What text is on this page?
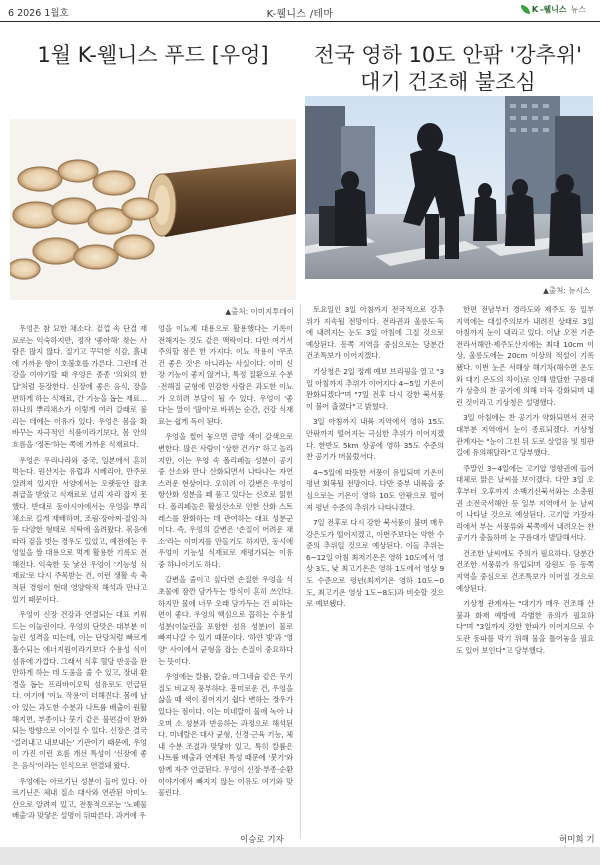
6 2026 1월호	K-웰니스 /테마	K -웰니스 뉴스
1월 K-웰니스 푸드 [우엉]
▲출처: 이미지투데이

우엉은 참 묘한 채소다. 겉껍 속 단결 재료로는 익숙하지만, 정작 '좋아해' 찾는 사람은 많지 않다. 질기고 꾸덕한 식감, 흙내에 가까운 향이 호불호를 가른다. 그런데 건강을 이야기할 때 우엉은 종종 '의외의 한답'처럼 등장한다. 신장에 좋은 음식, 장을 편하게 하는 식재료, 간 기능을 돕는 재료… 하나의 뿌리채소가 이렇게 여러 갈래로 불리는 데에는 이유가 있다. 우엉은 몸을 확 바꾸는 자극적인 식품이라기보다, 몸 안의 흐름을 '정돈'하는 쪽에 가까운 식재료다.

우엉은 우리나라와 중국, 일본에서 흔히 먹는다. 원산지는 유럽과 시베리아, 만주로 알려져 있지만 서양에서는 오랫동안 잡초 취급을 받았고 식재료로 널리 자리 잡지 못했다. 반대로 동아시아에서는 우엉을 뿌리채소로 길게 재배하며, 조림·장아찌·절임·차 등 다양한 형태로 식탁에 올려왔다. 볶음에 따라 겉을 벗는 경우도 있었고, 예전에는 우엉잎을 쌈 대용으로 먹게 활용한 기록도 전해진다. 익숙한 듯 낯선 우엉이 '기능성 식재료'로 다시 주목받는 건, 이런 생활 속 축적된 경험이 현대 영양학적 해석과 만나고 있기 때문이다.

우엉이 신장 건강과 연결되는 대표 키워드는 이눌린이다. 우엉의 단맛은 대부분 이눌린 성격을 띠는데, 이는 단당처럼 빠르게 흡수되는 에너지원이라기보다 수용성 식이섬유에 가깝다. 그래서 식후 혈당 반응을 완만하게 하는 데 도움을 줄 수 있고, 장내 환경을 돕는 프리바이오틱 섬유로도 언급된다. 여기에 '이뇨 작용'이 더해진다. 몸에 남아 있는 과도한 수분과 나트륨 배출이 원활해지면, 부종이나 붓기 같은 불편감이 완화되는 방향으로 이어질 수 있다. 신장은 결국 '걸러내고 내보내는' 기관이기 때문에, 우엉이 가진 이런 흐름 개선 특성이 '신장에 좋은 음식'이라는 인식으로 연결돼 왔다.

우엉에는 아르기닌 성분이 들어 있다. 아르기닌은 체내 질소 대사와 연관된 아미노산으로 알려져 있고, 전통적으로는 '노폐물 배출'과 맞닿은 설명이 뒤따른다. 과거에 우

엉을 이뇨제 대용으로 활용했다는 기록이 전해지는 것도 같은 맥락이다. 다만 여기서 주의할 점은 한 가지다. 이뇨 작용이 '무조건 좋은 것'은 아니라는 사실이다. 이미 신장 기능이 좋지 않거나, 특정 질환으로 수분·전해질 균형에 민감한 사람은 과도한 이뇨가 오히려 부담이 될 수 있다. 우엉이 '좋다'는 말이 '많이'로 바뀌는 순간, 건강 식재료는 쉽게 독이 된다.

우엉을 썰어 놓으면 금방 색이 갈색으로 변한다. 많은 사람이 '상한 건가?' 하고 놀라지만, 이는 우엉 속 폴리페놀 성분이 공기 중 산소와 만나 산화되면서 나타나는 자연스러운 현상이다. 오히려 이 갈변은 우엉이 항산화 성분을 꽤 품고 있다는 신호로 읽힌다. 폴리페놀은 활성산소로 인한 산화 스트레스를 완화하는 데 관여하는 대표 성분군이다. 즉, 우엉의 갈변은 '손질이 어려운 채소'라는 이미지를 만들기도 하지만, 동시에 우엉이 기능성 식재료로 재평가되는 이유 중 하나이기도 하다.

갈변을 줄이고 싶다면 손질한 우엉을 식초물에 잠깐 담가두는 방식이 흔히 쓰인다. 하지만 물에 너무 오래 담가두는 건 피하는 편이 좋다. 우엉의 핵심으로 꼽히는 수용성 성분(이눌린을 포함한 섬유 성분)이 물로 빠져나갈 수 있기 때문이다. '하얀 빛'과 '영양' 사이에서 균형을 잡는 손질이 중요하다는 뜻이다.

우엉에는 칼륨, 칼슘, 마그네슘 같은 무기질도 비교적 풍부하다. 흥미로운 건, 우엉을 삶을 때 색이 짙어지기 쉽다 변하는 경우가 있다는 점이다. 이는 미네랄이 물에 녹아 나오며 소 성분과 반응하는 과정으로 해석된다. 미네랄은 대사 균형, 신경·근육 기능, 체내 수분 조절과 맞닿아 있고, 특히 칼륨은 나트륨 배출과 연계된 특성 때문에 '붓기'와 함께 자주 언급된다. 우엉이 신장·부종·순환 이야기에서 빠지지 않는 이유도 여기와 맞물린다.

전국 영하 10도 안팎 '강추위' 대기 건조해 불조심
▲출처: 뉴시스

토요일인 3일 아침까지 전국적으로 강추위가 지속될 전망이다. 전라권과 울릉도·독에 내려지는 눈도 3일 아침에 그칠 것으로 예상된다. 동쪽 지역을 중심으로는 당분간 건조특보가 이어지겠다.

기상청은 2일 정례 예보 브리핑을 열고 "3일 아침까지 추위가 이어지다 4~5일 기온이 완화되겠다"며 "7일 전후 다시 강한 북서풍이 불어 춥겠다"고 밝혔다.

3일 아침까지 내륙 지역에서 영하 15도 안팎까지 떨어지는 극심한 추위가 이어지겠다. 한반도 5km 상공에 영하 35도 수준의 찬 공기가 머물렀서다.

4~5일에 따뜻한 서풍이 유입되며 기온이 평년 회복될 전망이다. 다만 중부 내륙을 중심으로는 기온이 영하 10도 안팎으로 떨어져 평년 수준의 추위가 나타나겠다.

7일 전후로 다시 강한 북서풍이 불며 매우 강은도가 떨어지겠고, 이번주보다는 약한 수준의 추위일 것으로 예상된다. 이들 추위는 6~12일 아침 최저기온은 영하 10도에서 영상 3도, 낮 최고기온은 영하 1도에서 영상 9도 수준으로 평년(최저기온 영하 10도~0도, 최고기온 영상 1도~8도)과 비슷할 것으로 예보됐다.

한편 전남부터 경라도와 제주도 등 일부 지역에는 대설주의보가 내려진 상태로 3일 아침까지 눈이 내리고 있다. 이날 오전 기준 전라서해안·제주도산지에는 최대 10cm 이상, 울릉도에는 20cm 이상의 적설이 기록됐다. 이번 눈은 서해상 해기차(해수면 온도와 대기 온도의 차이)로 인해 발달한 구름대가 상층의 찬 공기에 의해 더욱 강화되며 내린 것이라고 기상청은 설명했다.

3일 아침에는 찬 공기가 약화되면서 전국 대부분 지역에서 눈이 종료되겠다. 기상청 관계자는 "눈이 그친 뒤 도로 살얼음 및 빙판길에 유의해달라"고 당부했다.

주말인 3~4일에는 고기압 영향권에 들어 대체로 맑은 날씨를 보이겠다. 다만 3일 오후부터 오후까지 소백기신북서와는 소총원권 소전국서해안 등 일부 지역에서 눈 날씨이 나타날 것으로 예상된다. 고기압 가장자리에서 부는 서풍류와 북쪽에서 내려오는 찬 공기가 충돌하며 눈 구름대가 발달해서다.

건조한 날씨에도 주의가 필요하다. 당분간 건조한 서풍류가 유입되며 강원도 등 동쪽 지역을 중심으로 건조특보가 이어질 것으로 예상된다.

기상청 관계자는 "대기가 매우 건조해 산불과 화재 예방에 각별한 유의가 필요하다"며 "3일까지 강한 한파가 이어지므로 수도관 동파를 막기 위해 물을 틀어놓을 필요도 있어 보인다"고 당부했다.

이승로 기자	허미희 기
